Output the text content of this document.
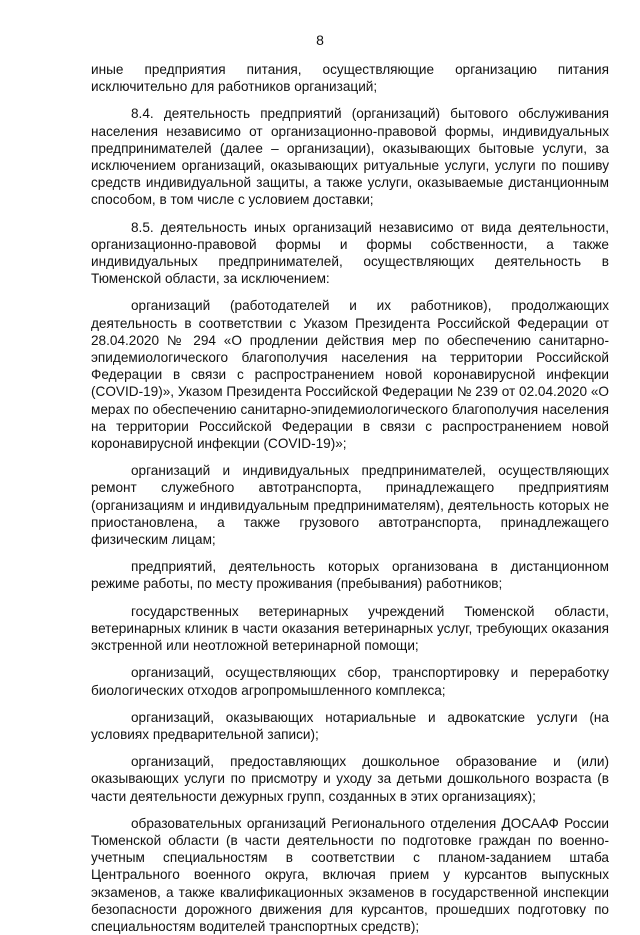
8

иные предприятия питания, осуществляющие организацию питания исключительно для работников организаций;

8.4. деятельность предприятий (организаций) бытового обслуживания населения независимо от организационно-правовой формы, индивидуальных предпринимателей (далее – организации), оказывающих бытовые услуги, за исключением организаций, оказывающих ритуальные услуги, услуги по пошиву средств индивидуальной защиты, а также услуги, оказываемые дистанционным способом, в том числе с условием доставки;

8.5. деятельность иных организаций независимо от вида деятельности, организационно-правовой формы и формы собственности, а также индивидуальных предпринимателей, осуществляющих деятельность в Тюменской области, за исключением:

организаций (работодателей и их работников), продолжающих деятельность в соответствии с Указом Президента Российской Федерации от 28.04.2020 № 294 «О продлении действия мер по обеспечению санитарно-эпидемиологического благополучия населения на территории Российской Федерации в связи с распространением новой коронавирусной инфекции (COVID-19)», Указом Президента Российской Федерации № 239 от 02.04.2020 «О мерах по обеспечению санитарно-эпидемиологического благополучия населения на территории Российской Федерации в связи с распространением новой коронавирусной инфекции (COVID-19)»;

организаций и индивидуальных предпринимателей, осуществляющих ремонт служебного автотранспорта, принадлежащего предприятиям (организациям и индивидуальным предпринимателям), деятельность которых не приостановлена, а также грузового автотранспорта, принадлежащего физическим лицам;

предприятий, деятельность которых организована в дистанционном режиме работы, по месту проживания (пребывания) работников;

государственных ветеринарных учреждений Тюменской области, ветеринарных клиник в части оказания ветеринарных услуг, требующих оказания экстренной или неотложной ветеринарной помощи;

организаций, осуществляющих сбор, транспортировку и переработку биологических отходов агропромышленного комплекса;

организаций, оказывающих нотариальные и адвокатские услуги (на условиях предварительной записи);

организаций, предоставляющих дошкольное образование и (или) оказывающих услуги по присмотру и уходу за детьми дошкольного возраста (в части деятельности дежурных групп, созданных в этих организациях);

образовательных организаций Регионального отделения ДОСААФ России Тюменской области (в части деятельности по подготовке граждан по военно-учетным специальностям в соответствии с планом-заданием штаба Центрального военного округа, включая прием у курсантов выпускных экзаменов, а также квалификационных экзаменов в государственной инспекции безопасности дорожного движения для курсантов, прошедших подготовку по специальностям водителей транспортных средств);
